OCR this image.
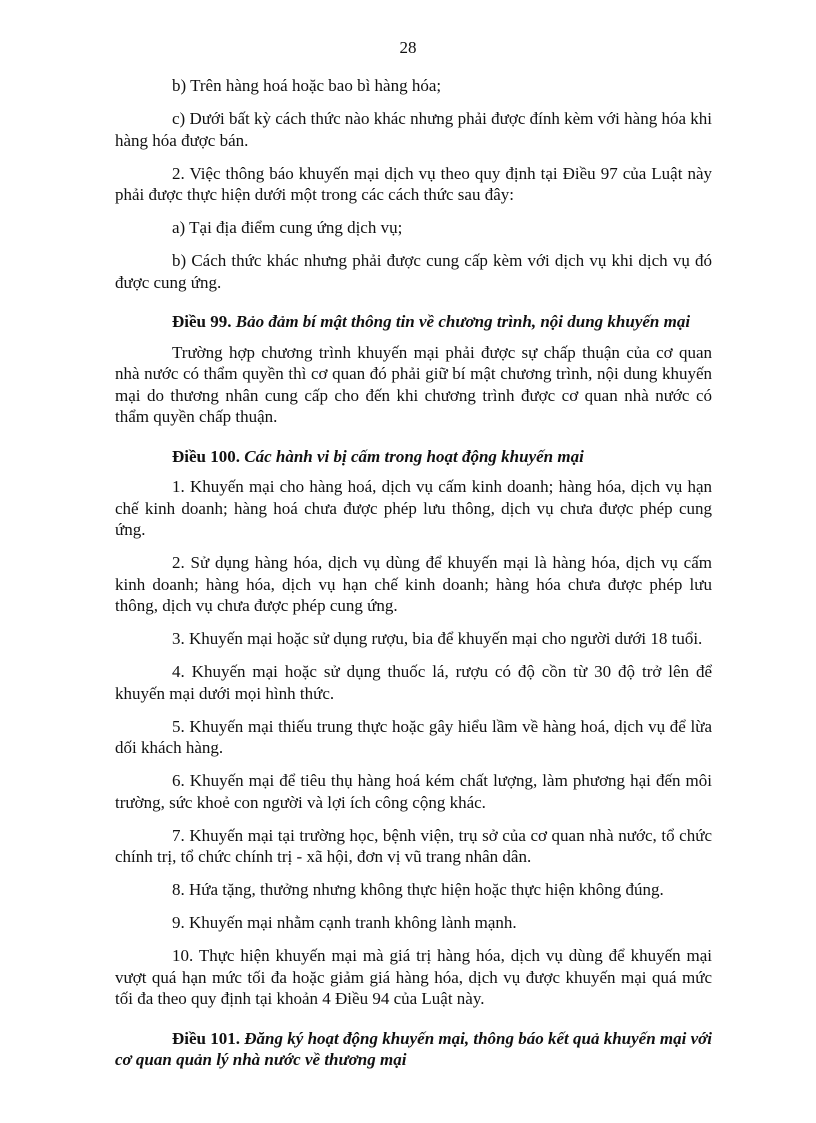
28

b) Trên hàng hoá hoặc bao bì hàng hóa;

c) Dưới bất kỳ cách thức nào khác nhưng phải được đính kèm với hàng hóa khi hàng hóa được bán.

2. Việc thông báo khuyến mại dịch vụ theo quy định tại Điều 97 của Luật này phải được thực hiện dưới một trong các cách thức sau đây:

a) Tại địa điểm cung ứng dịch vụ;

b) Cách thức khác nhưng phải được cung cấp kèm với dịch vụ khi dịch vụ đó được cung ứng.

Điều 99. Bảo đảm bí mật thông tin về chương trình, nội dung khuyến mại

Trường hợp chương trình khuyến mại phải được sự chấp thuận của cơ quan nhà nước có thẩm quyền thì cơ quan đó phải giữ bí mật chương trình, nội dung khuyến mại do thương nhân cung cấp cho đến khi chương trình được cơ quan nhà nước có thẩm quyền chấp thuận.

Điều 100. Các hành vi bị cấm trong hoạt động khuyến mại

1. Khuyến mại cho hàng hoá, dịch vụ cấm kinh doanh; hàng hóa, dịch vụ hạn chế kinh doanh; hàng hoá chưa được phép lưu thông, dịch vụ chưa được phép cung ứng.

2. Sử dụng hàng hóa, dịch vụ dùng để khuyến mại là hàng hóa, dịch vụ cấm kinh doanh; hàng hóa, dịch vụ hạn chế kinh doanh; hàng hóa chưa được phép lưu thông, dịch vụ chưa được phép cung ứng.

3. Khuyến mại hoặc sử dụng rượu, bia để khuyến mại cho người dưới 18 tuổi.

4. Khuyến mại hoặc sử dụng thuốc lá, rượu có độ cồn từ 30 độ trở lên để khuyến mại dưới mọi hình thức.

5. Khuyến mại thiếu trung thực hoặc gây hiểu lầm về hàng hoá, dịch vụ để lừa dối khách hàng.

6. Khuyến mại để tiêu thụ hàng hoá kém chất lượng, làm phương hại đến môi trường, sức khoẻ con người và lợi ích công cộng khác.

7. Khuyến mại tại trường học, bệnh viện, trụ sở của cơ quan nhà nước, tổ chức chính trị, tổ chức chính trị - xã hội, đơn vị vũ trang nhân dân.

8. Hứa tặng, thưởng nhưng không thực hiện hoặc thực hiện không đúng.

9. Khuyến mại nhằm cạnh tranh không lành mạnh.

10. Thực hiện khuyến mại mà giá trị hàng hóa, dịch vụ dùng để khuyến mại vượt quá hạn mức tối đa hoặc giảm giá hàng hóa, dịch vụ được khuyến mại quá mức tối đa theo quy định tại khoản 4 Điều 94 của Luật này.

Điều 101. Đăng ký hoạt động khuyến mại, thông báo kết quả khuyến mại với cơ quan quản lý nhà nước về thương mại
